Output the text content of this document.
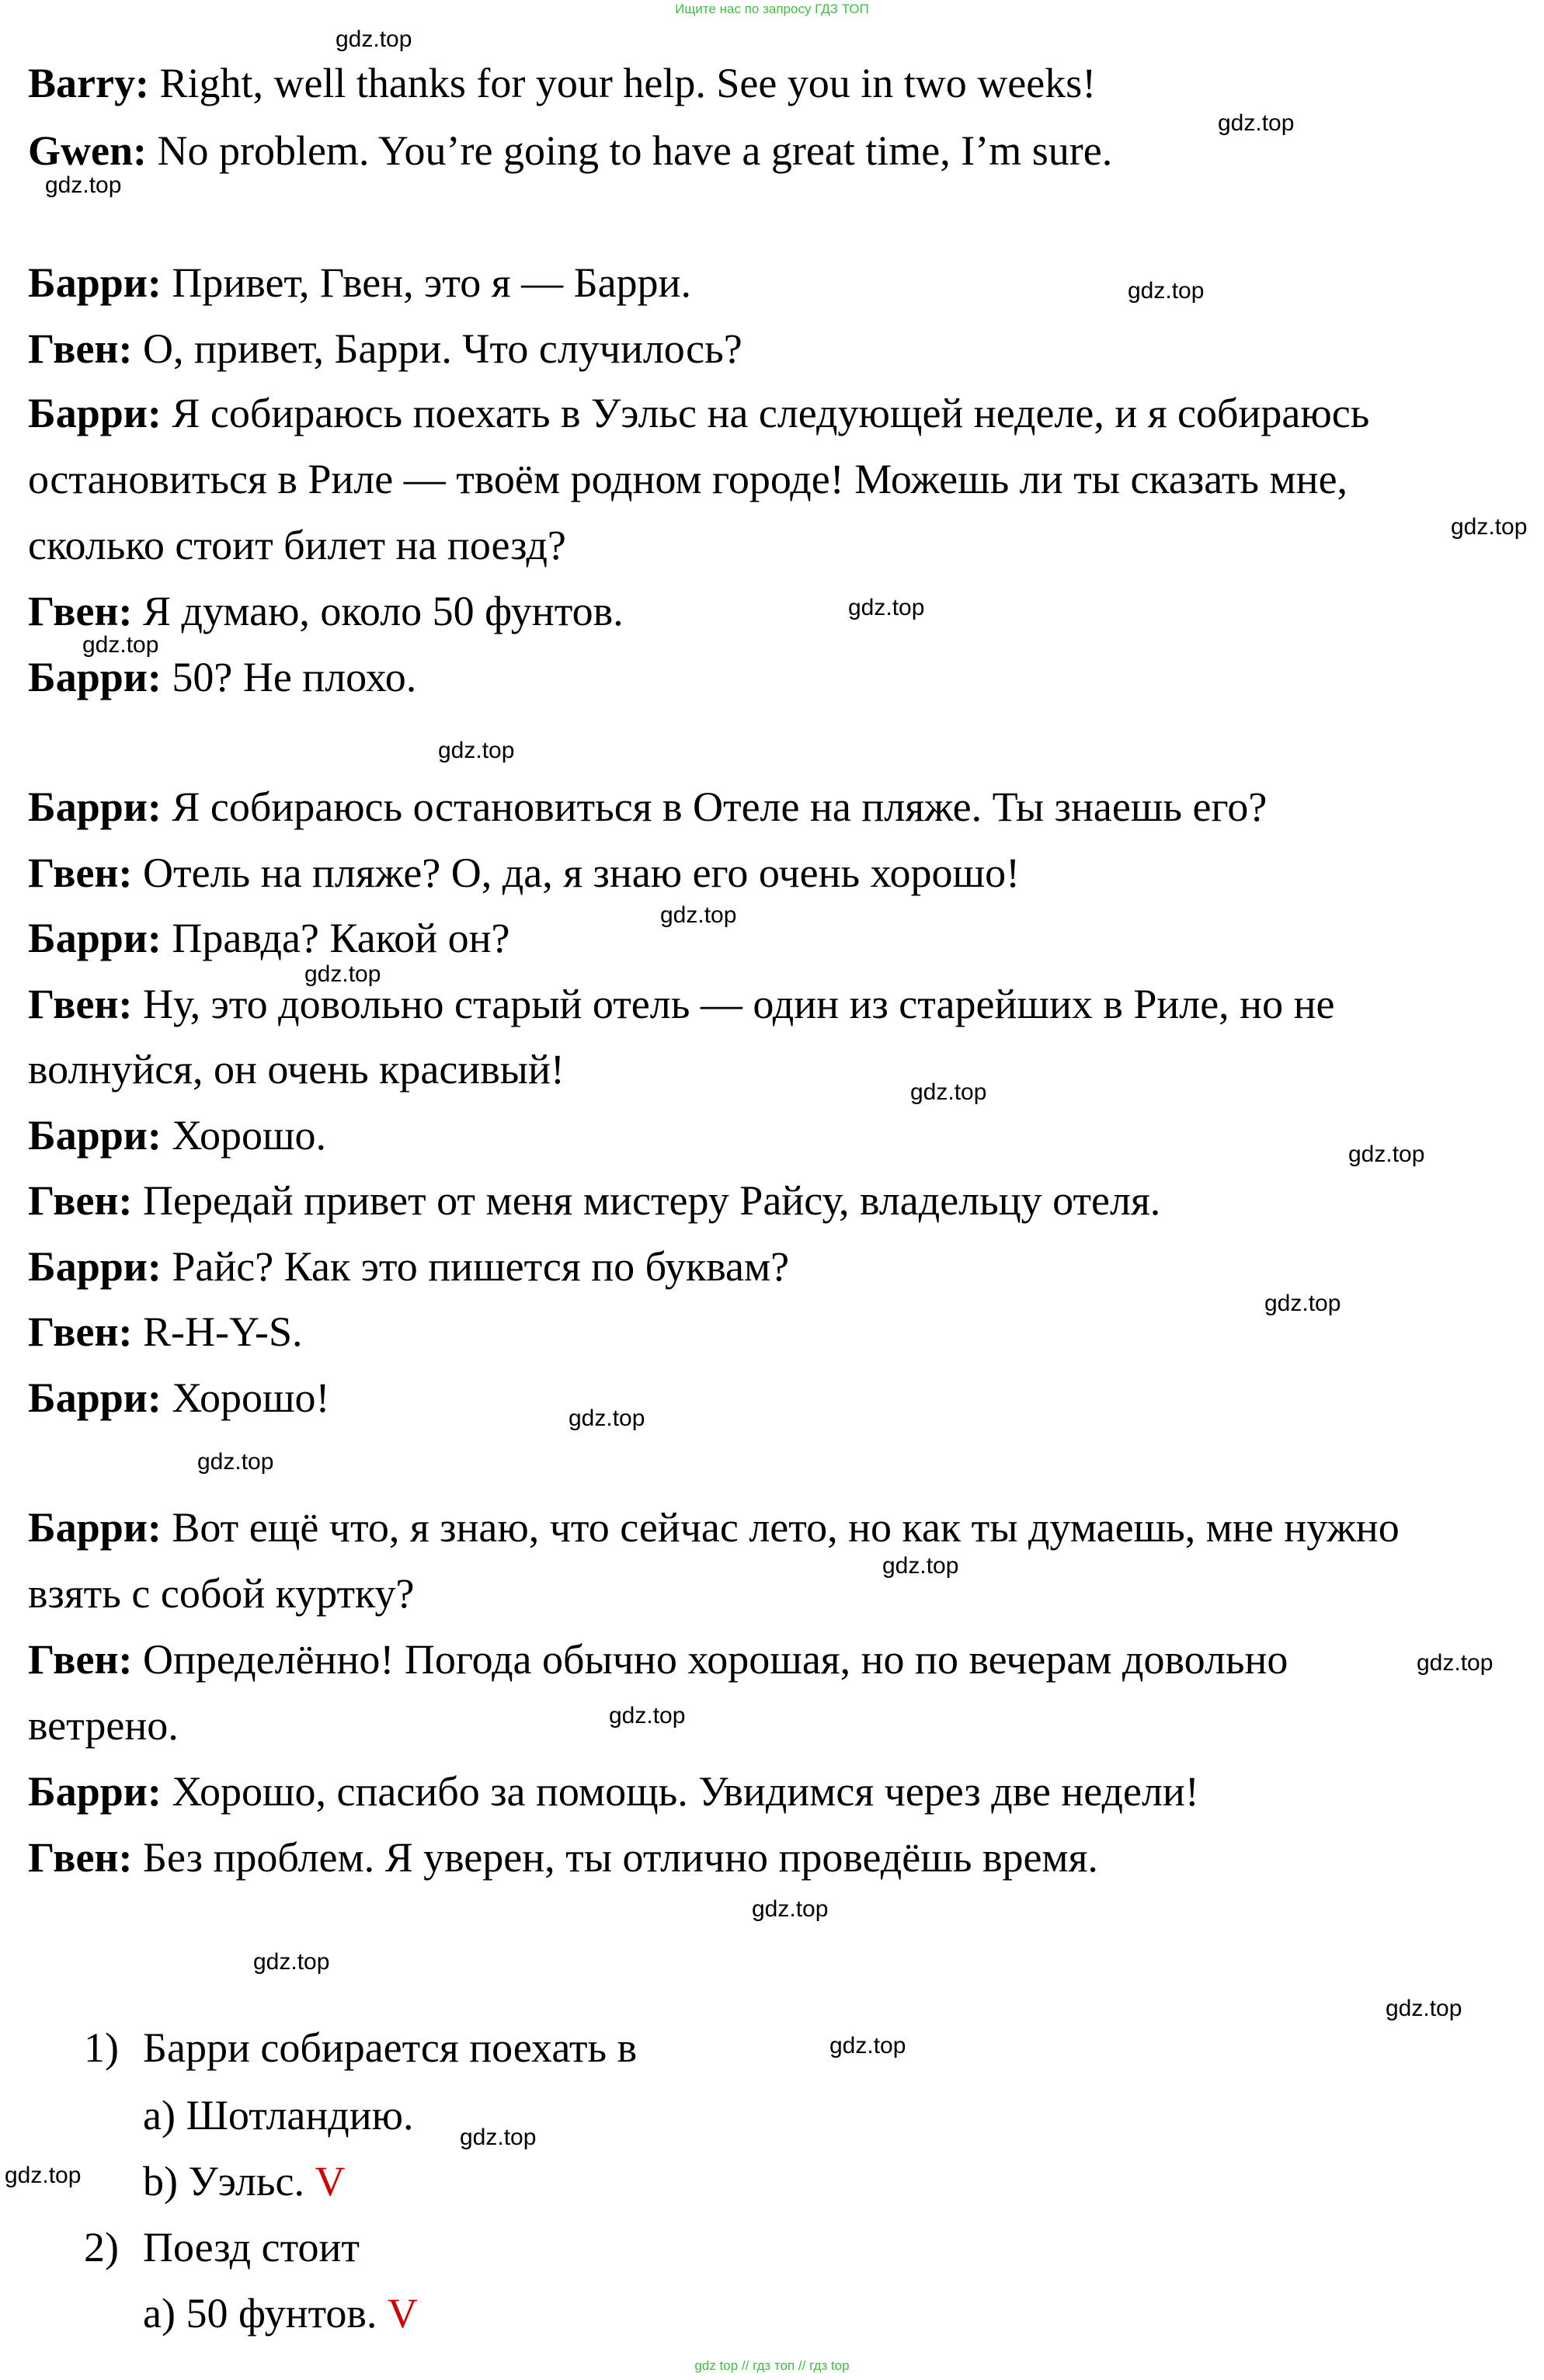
Ищите нас по запросу ГДЗ ТОП
Barry: Right, well thanks for your help. See you in two weeks!
Gwen: No problem. You’re going to have a great time, I’m sure.
Барри: Привет, Гвен, это я — Барри.
Гвен: О, привет, Барри. Что случилось?
Барри: Я собираюсь поехать в Уэльс на следующей неделе, и я собираюсь
остановиться в Риле — твоём родном городе! Можешь ли ты сказать мне,
сколько стоит билет на поезд?
Гвен: Я думаю, около 50 фунтов.
Барри: 50? Не плохо.
Барри: Я собираюсь остановиться в Отеле на пляже. Ты знаешь его?
Гвен: Отель на пляже? О, да, я знаю его очень хорошо!
Барри: Правда? Какой он?
Гвен: Ну, это довольно старый отель — один из старейших в Риле, но не
волнуйся, он очень красивый!
Барри: Хорошо.
Гвен: Передай привет от меня мистеру Райсу, владельцу отеля.
Барри: Райс? Как это пишется по буквам?
Гвен: R-H-Y-S.
Барри: Хорошо!
Барри: Вот ещё что, я знаю, что сейчас лето, но как ты думаешь, мне нужно
взять с собой куртку?
Гвен: Определённо! Погода обычно хорошая, но по вечерам довольно
ветрено.
Барри: Хорошо, спасибо за помощь. Увидимся через две недели!
Гвен: Без проблем. Я уверен, ты отлично проведёшь время.
1) Барри собирается поехать в
a) Шотландию.
b) Уэльс. V
2) Поезд стоит
a) 50 фунтов. V
gdz.top
gdz.top
gdz.top
gdz.top
gdz.top
gdz.top
gdz.top
gdz.top
gdz.top
gdz.top
gdz.top
gdz.top
gdz.top
gdz.top
gdz.top
gdz.top
gdz.top
gdz.top
gdz.top
gdz.top
gdz.top
gdz.top
gdz.top
gdz.top
gdz top // гдз топ // гдз top
